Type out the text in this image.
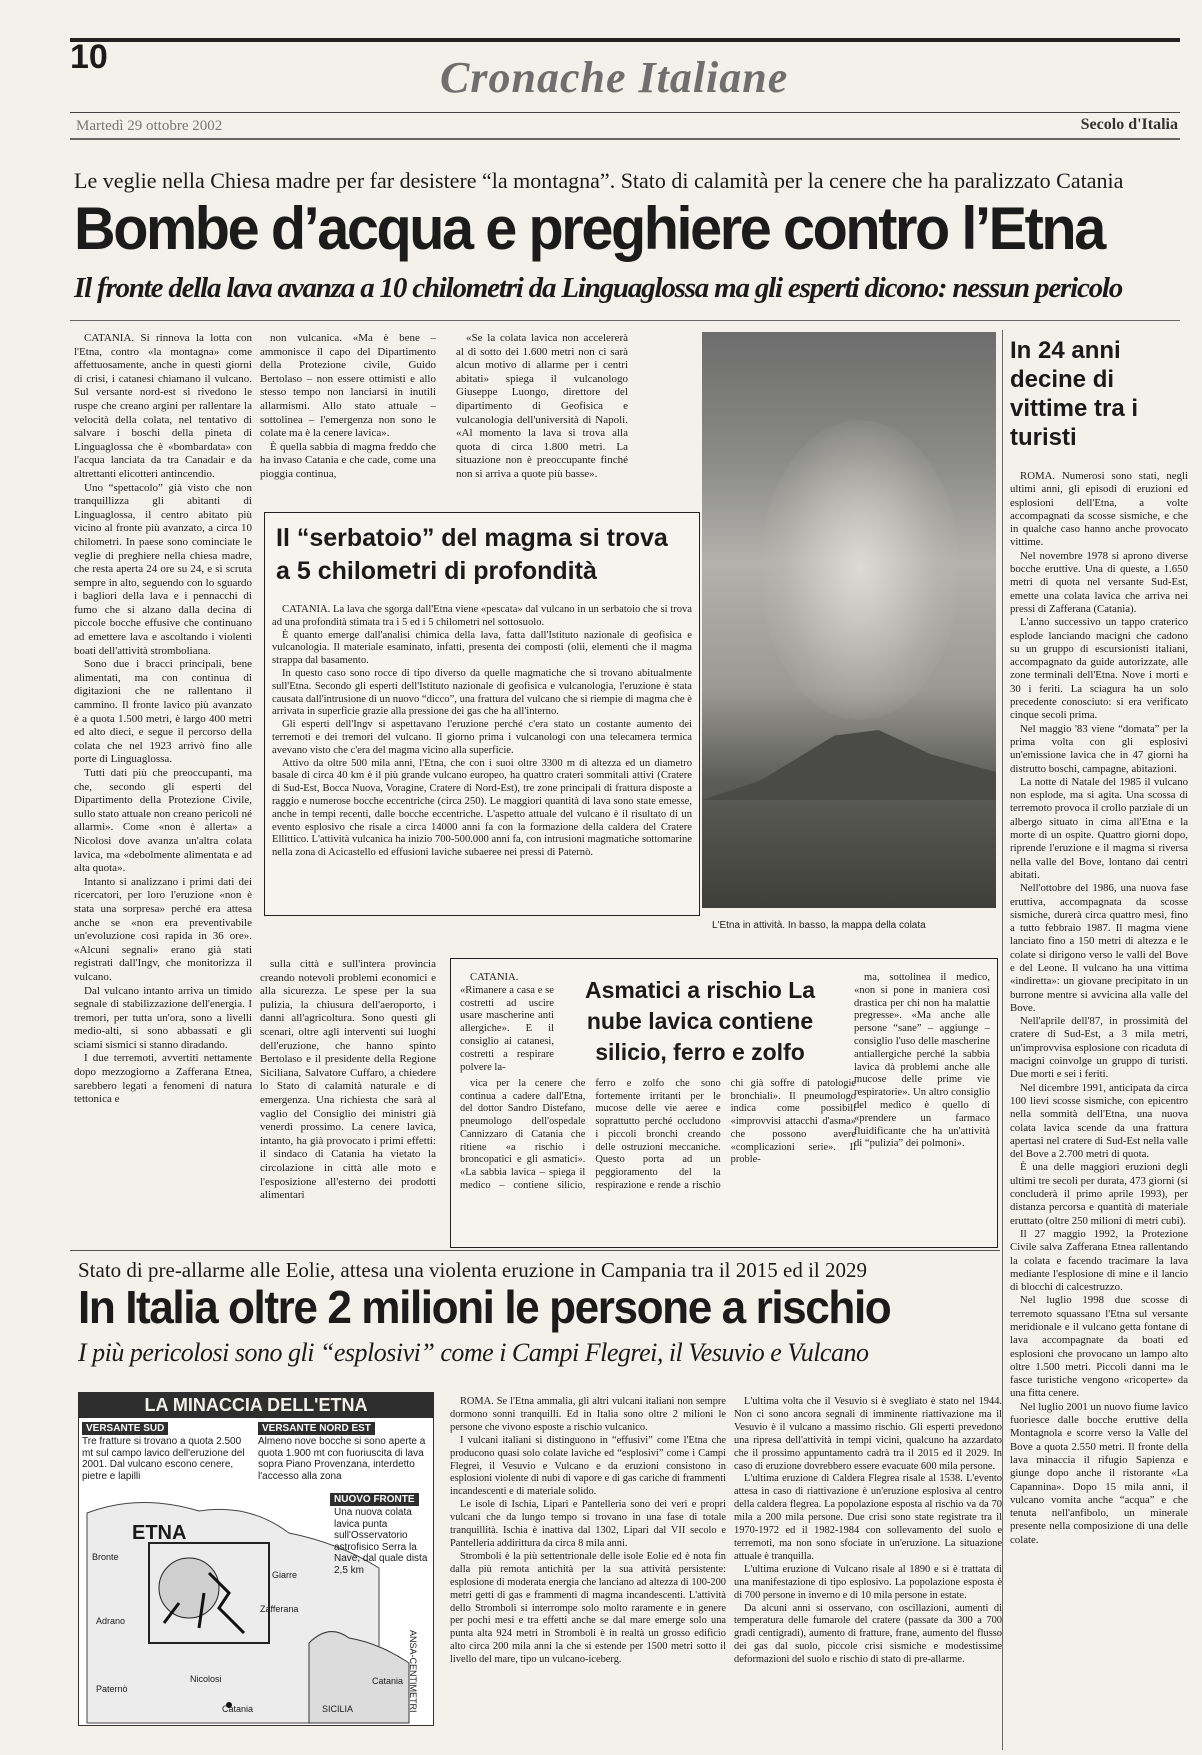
10	Cronache Italiane
Martedì 29 ottobre 2002	Secolo d'Italia
Le veglie nella Chiesa madre per far desistere “la montagna”. Stato di calamità per la cenere che ha paralizzato Catania
Bombe d’acqua e preghiere contro l’Etna
Il fronte della lava avanza a 10 chilometri da Linguaglossa ma gli esperti dicono: nessun pericolo

CATANIA. Si rinnova la lotta con l'Etna, contro «la montagna» come affettuosamente, anche in questi giorni di crisi, i catanesi chiamano il vulcano. Sul versante nord-est si rivedono le ruspe che creano argini per rallentare la velocità della colata, nel tentativo di salvare i boschi della pineta di Linguaglossa che è «bombardata» con l'acqua lanciata da tra Canadair e da altrettanti elicotteri antincendio.

Uno “spettacolo” già visto che non tranquillizza gli abitanti di Linguaglossa, il centro abitato più vicino al fronte più avanzato, a circa 10 chilometri. In paese sono cominciate le veglie di preghiere nella chiesa madre, che resta aperta 24 ore su 24, e si scruta sempre in alto, seguendo con lo sguardo i bagliori della lava e i pennacchi di fumo che si alzano dalla decina di piccole bocche effusive che continuano ad emettere lava e ascoltando i violenti boati dell'attività stromboliana.

Sono due i bracci principali, bene alimentati, ma con continua di digitazioni che ne rallentano il cammino. Il fronte lavico più avanzato è a quota 1.500 metri, è largo 400 metri ed alto dieci, e segue il percorso della colata che nel 1923 arrivò fino alle porte di Linguaglossa.

Tutti dati più che preoccupanti, ma che, secondo gli esperti del Dipartimento della Protezione Civile, sullo stato attuale non creano pericoli né allarmi». Come «non è allerta» a Nicolosi dove avanza un'altra colata lavica, ma «debolmente alimentata e ad alta quota».

Intanto si analizzano i primi dati dei ricercatori, per loro l'eruzione «non è stata una sorpresa» perché era attesa anche se «non era preventivabile un'evoluzione così rapida in 36 ore». «Alcuni segnali» erano già stati registrati dall'Ingv, che monitorizza il vulcano.

Dal vulcano intanto arriva un timido segnale di stabilizzazione dell'energia. I tremori, per tutta un'ora, sono a livelli medio-alti, si sono abbassati e gli sciami sismici si stanno diradando.

I due terremoti, avvertiti nettamente dopo mezzogiorno a Zafferana Etnea, sarebbero legati a fenomeni di natura tettonica e

non vulcanica. «Ma è bene – ammonisce il capo del Dipartimento della Protezione civile, Guido Bertolaso – non essere ottimisti e allo stesso tempo non lanciarsi in inutili allarmismi. Allo stato attuale – sottolinea – l'emergenza non sono le colate ma è la cenere lavica».

È quella sabbia di magma freddo che ha invaso Catania e che cade, come una pioggia continua,

«Se la colata lavica non accelererà al di sotto dei 1.600 metri non ci sarà alcun motivo di allarme per i centri abitati» spiega il vulcanologo Giuseppe Luongo, direttore del dipartimento di Geofisica e vulcanologia dell'università di Napoli. «Al momento la lava si trova alla quota di circa 1.800 metri. La situazione non è preoccupante finché non si arriva a quote più basse».

L'Etna in attività. In basso, la mappa della colata
Il “serbatoio” del magma si trova a 5 chilometri di profondità

CATANIA. La lava che sgorga dall'Etna viene «pescata» dal vulcano in un serbatoio che si trova ad una profondità stimata tra i 5 ed i 5 chilometri nel sottosuolo.

È quanto emerge dall'analisi chimica della lava, fatta dall'Istituto nazionale di geofisica e vulcanologia. Il materiale esaminato, infatti, presenta dei composti (olii, elementi che il magma strappa dal basamento.

In questo caso sono rocce di tipo diverso da quelle magmatiche che si trovano abitualmente sull'Etna. Secondo gli esperti dell'Istituto nazionale di geofisica e vulcanologia, l'eruzione è stata causata dall'intrusione di un nuovo “dicco”, una frattura del vulcano che si riempie di magma che è arrivata in superficie grazie alla pressione dei gas che ha all'interno.

Gli esperti dell'Ingv si aspettavano l'eruzione perché c'era stato un costante aumento dei terremoti e dei tremori del vulcano. Il giorno prima i vulcanologi con una telecamera termica avevano visto che c'era del magma vicino alla superficie.

Attivo da oltre 500 mila anni, l'Etna, che con i suoi oltre 3300 m di altezza ed un diametro basale di circa 40 km è il più grande vulcano europeo, ha quattro crateri sommitali attivi (Cratere di Sud-Est, Bocca Nuova, Voragine, Cratere di Nord-Est), tre zone principali di frattura disposte a raggio e numerose bocche eccentriche (circa 250). Le maggiori quantità di lava sono state emesse, anche in tempi recenti, dalle bocche eccentriche. L'aspetto attuale del vulcano è il risultato di un evento esplosivo che risale a circa 14000 anni fa con la formazione della caldera del Cratere Ellittico. L'attività vulcanica ha inizio 700-500.000 anni fa, con intrusioni magmatiche sottomarine nella zona di Acicastello ed effusioni laviche subaeree nei pressi di Paternò.

In 24 anni decine di vittime tra i turisti

ROMA. Numerosi sono stati, negli ultimi anni, gli episodi di eruzioni ed esplosioni dell'Etna, a volte accompagnati da scosse sismiche, e che in qualche caso hanno anche provocato vittime.

Nel novembre 1978 si aprono diverse bocche eruttive. Una di queste, a 1.650 metri di quota nel versante Sud-Est, emette una colata lavica che arriva nei pressi di Zafferana (Catania).

L'anno successivo un tappo craterico esplode lanciando macigni che cadono su un gruppo di escursionisti italiani, accompagnato da guide autorizzate, alle zone terminali dell'Etna. Nove i morti e 30 i feriti. La sciagura ha un solo precedente conosciuto: si era verificato cinque secoli prima.

Nel maggio '83 viene “domata” per la prima volta con gli esplosivi un'emissione lavica che in 47 giorni ha distrutto boschi, campagne, abitazioni.

La notte di Natale del 1985 il vulcano non esplode, ma si agita. Una scossa di terremoto provoca il crollo parziale di un albergo situato in cima all'Etna e la morte di un ospite. Quattro giorni dopo, riprende l'eruzione e il magma si riversa nella valle del Bove, lontano dai centri abitati.

Nell'ottobre del 1986, una nuova fase eruttiva, accompagnata da scosse sismiche, durerà circa quattro mesi, fino a tutto febbraio 1987. Il magma viene lanciato fino a 150 metri di altezza e le colate si dirigono verso le valli del Bove e del Leone. Il vulcano ha una vittima «indiretta»: un giovane precipitato in un burrone mentre si avvicina alla valle del Bove.

Nell'aprile dell'87, in prossimità del cratere di Sud-Est, a 3 mila metri, un'improvvisa esplosione con ricaduta di macigni coinvolge un gruppo di turisti. Due morti e sei i feriti.

Nel dicembre 1991, anticipata da circa 100 lievi scosse sismiche, con epicentro nella sommità dell'Etna, una nuova colata lavica scende da una frattura apertasi nel cratere di Sud-Est nella valle del Bove a 2.700 metri di quota.

È una delle maggiori eruzioni degli ultimi tre secoli per durata, 473 giorni (si concluderà il primo aprile 1993), per distanza percorsa e quantità di materiale eruttato (oltre 250 milioni di metri cubi).

Il 27 maggio 1992, la Protezione Civile salva Zafferana Etnea rallentando la colata e facendo tracimare la lava mediante l'esplosione di mine e il lancio di blocchi di calcestruzzo.

Nel luglio 1998 due scosse di terremoto squassano l'Etna sul versante meridionale e il vulcano getta fontane di lava accompagnate da boati ed esplosioni che provocano un lampo alto oltre 1.500 metri. Piccoli danni ma le fasce turistiche vengono «ricoperte» da una fitta cenere.

Nel luglio 2001 un nuovo fiume lavico fuoriesce dalle bocche eruttive della Montagnola e scorre verso la Valle del Bove a quota 2.550 metri. Il fronte della lava minaccia il rifugio Sapienza e giunge dopo anche il ristorante «La Capannina». Dopo 15 mila anni, il vulcano vomita anche “acqua” e che tenuta nell'anfibolo, un minerale presente nella composizione di una delle colate.

sulla città e sull'intera provincia creando notevoli problemi economici e alla sicurezza. Le spese per la sua pulizia, la chiusura dell'aeroporto, i danni all'agricoltura. Sono questi gli scenari, oltre agli interventi sui luoghi dell'eruzione, che hanno spinto Bertolaso e il presidente della Regione Siciliana, Salvatore Cuffaro, a chiedere lo Stato di calamità naturale e di emergenza. Una richiesta che sarà al vaglio del Consiglio dei ministri già venerdì prossimo. La cenere lavica, intanto, ha già provocato i primi effetti: il sindaco di Catania ha vietato la circolazione in città alle moto e l'esposizione all'esterno dei prodotti alimentari

Asmatici a rischio La nube lavica contiene silicio, ferro e zolfo

CATANIA. «Rimanere a casa e se costretti ad uscire usare mascherine anti allergiche». E il consiglio ai catanesi, costretti a respirare polvere la-

vica per la cenere che continua a cadere dall'Etna, del dottor Sandro Distefano, pneumologo dell'ospedale Cannizzaro di Catania che ritiene «a rischio i broncopatici e gli asmatici». «La sabbia lavica – spiega il medico – contiene silicio, ferro e zolfo che sono fortemente irritanti per le mucose delle vie aeree e soprattutto perché occludono i piccoli bronchi creando delle ostruzioni meccaniche. Questo porta ad un peggioramento del la respirazione e rende a rischio chi già soffre di patologie bronchiali». Il pneumologo indica come possibili «improvvisi attacchi d'asma» che possono avere «complicazioni serie». Il proble-

ma, sottolinea il medico, «non si pone in maniera così drastica per chi non ha malattie pregresse». «Ma anche alle persone “sane” – aggiunge – consiglio l'uso delle mascherine antiallergiche perché la sabbia lavica dà problemi anche alle mucose delle prime vie respiratorie». Un altro consiglio del medico è quello di «prendere un farmaco fluidificante che ha un'attività di “pulizia” dei polmoni».

Stato di pre-allarme alle Eolie, attesa una violenta eruzione in Campania tra il 2015 ed il 2029
In Italia oltre 2 milioni le persone a rischio
I più pericolosi sono gli “esplosivi” come i Campi Flegrei, il Vesuvio e Vulcano
LA MINACCIA DELL'ETNA
VERSANTE SUD
Tre fratture si trovano a quota 2.500 mt sul campo lavico dell'eruzione del 2001. Dal vulcano escono cenere, pietre e lapilli
VERSANTE NORD EST
Almeno nove bocche si sono aperte a quota 1.900 mt con fuoriuscita di lava sopra Piano Provenzana, interdetto l'accesso alla zona
NUOVO FRONTE
Una nuova colata lavica punta sull'Osservatorio astrofisico Serra la Nave, dal quale dista 2,5 km
ETNA
Bronte
Adrano
Paternò
Nicolosi
Catania
Giarre
Zafferana
SICILIA
Catania ANSA-CENTIMETRI

ROMA. Se l'Etna ammalia, gli altri vulcani italiani non sempre dormono sonni tranquilli. Ed in Italia sono oltre 2 milioni le persone che vivono esposte a rischio vulcanico.

I vulcani italiani si distinguono in “effusivi” come l'Etna che producono quasi solo colate laviche ed “esplosivi” come i Campi Flegrei, il Vesuvio e Vulcano e da eruzioni consistono in esplosioni violente di nubi di vapore e di gas cariche di frammenti incandescenti e di materiale solido.

Le isole di Ischia, Lipari e Pantelleria sono dei veri e propri vulcani che da lungo tempo si trovano in una fase di totale tranquillità. Ischia è inattiva dal 1302, Lipari dal VII secolo e Pantelleria addirittura da circa 8 mila anni.

Stromboli è la più settentrionale delle isole Eolie ed è nota fin dalla più remota antichità per la sua attività persistente: esplosione di moderata energia che lanciano ad altezza di 100-200 metri getti di gas e frammenti di magma incandescenti. L'attività dello Stromboli si interrompe solo molto raramente e in genere per pochi mesi e tra effetti anche se dal mare emerge solo una punta alta 924 metri in Stromboli è in realtà un grosso edificio alto circa 200 mila anni la che si estende per 1500 metri sotto il livello del mare, tipo un vulcano-iceberg.

L'ultima volta che il Vesuvio si è svegliato è stato nel 1944. Non ci sono ancora segnali di imminente riattivazione ma il Vesuvio è il vulcano a massimo rischio. Gli esperti prevedono una ripresa dell'attività in tempi vicini, qualcuno ha azzardato che il prossimo appuntamento cadrà tra il 2015 ed il 2029. In caso di eruzione dovrebbero essere evacuate 600 mila persone.

L'ultima eruzione di Caldera Flegrea risale al 1538. L'evento attesa in caso di riattivazione è un'eruzione esplosiva al centro della caldera flegrea. La popolazione esposta al rischio va da 70 mila a 200 mila persone. Due crisi sono state registrate tra il 1970-1972 ed il 1982-1984 con sollevamento del suolo e terremoti, ma non sono sfociate in un'eruzione. La situazione attuale è tranquilla.

L'ultima eruzione di Vulcano risale al 1890 e si è trattata di una manifestazione di tipo esplosivo. La popolazione esposta è di 700 persone in inverno e di 10 mila persone in estate.

Da alcuni anni si osservano, con oscillazioni, aumenti di temperatura delle fumarole del cratere (passate da 300 a 700 gradi centigradi), aumento di fratture, frane, aumento del flusso dei gas dal suolo, piccole crisi sismiche e modestissime deformazioni del suolo e rischio di stato di pre-allarme.
